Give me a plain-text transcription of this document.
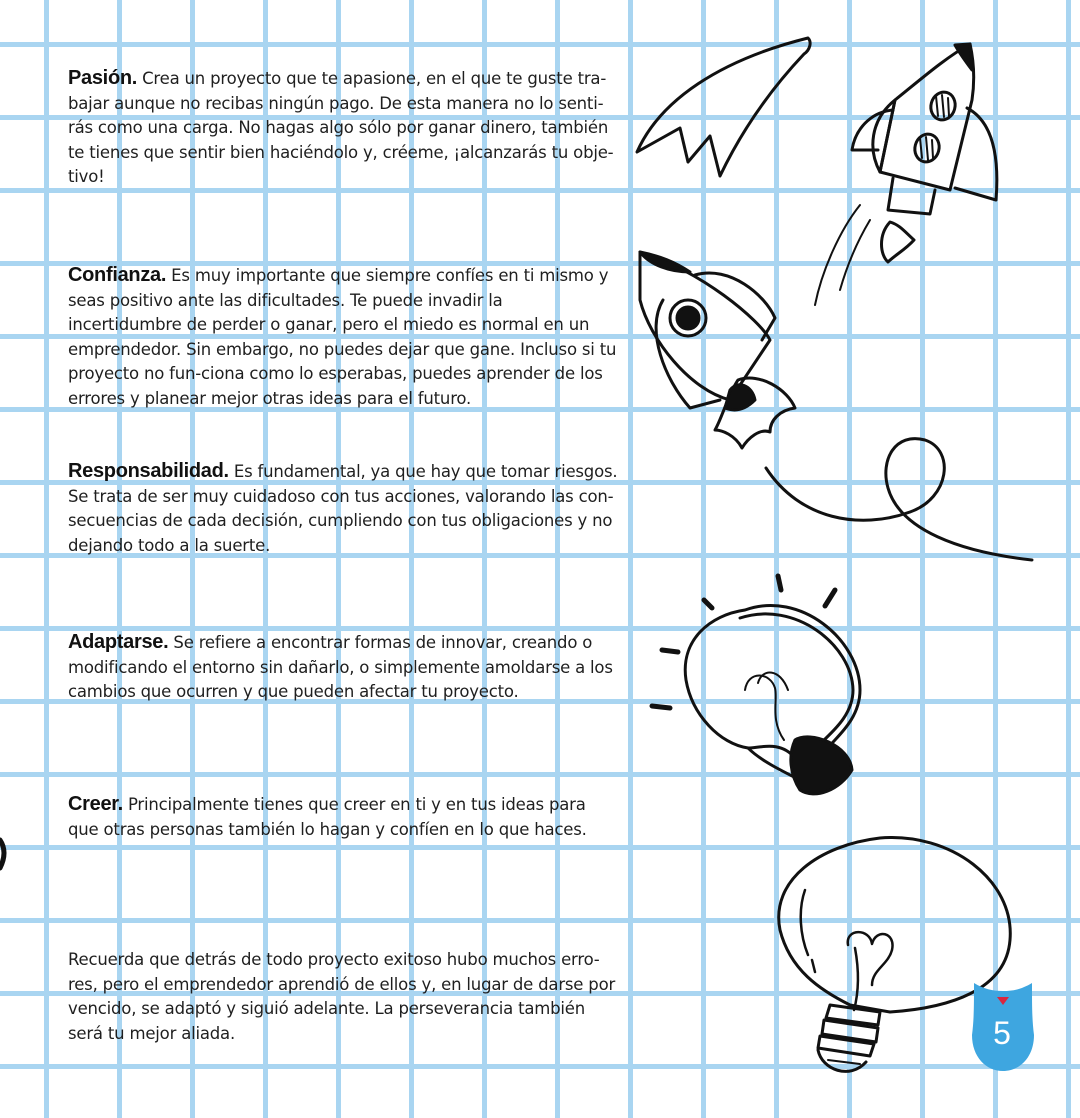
Pasión. Crea un proyecto que te apasione, en el que te guste tra-bajar aunque no recibas ningún pago. De esta manera no lo senti-rás como una carga. No hagas algo sólo por ganar dinero, también te tienes que sentir bien haciéndolo y, créeme, ¡alcanzarás tu obje-tivo!

Confianza. Es muy importante que siempre confíes en ti mismo y seas positivo ante las dificultades. Te puede invadir la incertidumbre de perder o ganar, pero el miedo es normal en un emprendedor. Sin embargo, no puedes dejar que gane. Incluso si tu proyecto no fun-ciona como lo esperabas, puedes aprender de los errores y planear mejor otras ideas para el futuro.

Responsabilidad. Es fundamental, ya que hay que tomar riesgos. Se trata de ser muy cuidadoso con tus acciones, valorando las con-secuencias de cada decisión, cumpliendo con tus obligaciones y no dejando todo a la suerte.

Adaptarse. Se refiere a encontrar formas de innovar, creando o modificando el entorno sin dañarlo, o simplemente amoldarse a los cambios que ocurren y que pueden afectar tu proyecto.

Creer. Principalmente tienes que creer en ti y en tus ideas para que otras personas también lo hagan y confíen en lo que haces.

Recuerda que detrás de todo proyecto exitoso hubo muchos erro-res, pero el emprendedor aprendió de ellos y, en lugar de darse por vencido, se adaptó y siguió adelante. La perseverancia también será tu mejor aliada.	5
